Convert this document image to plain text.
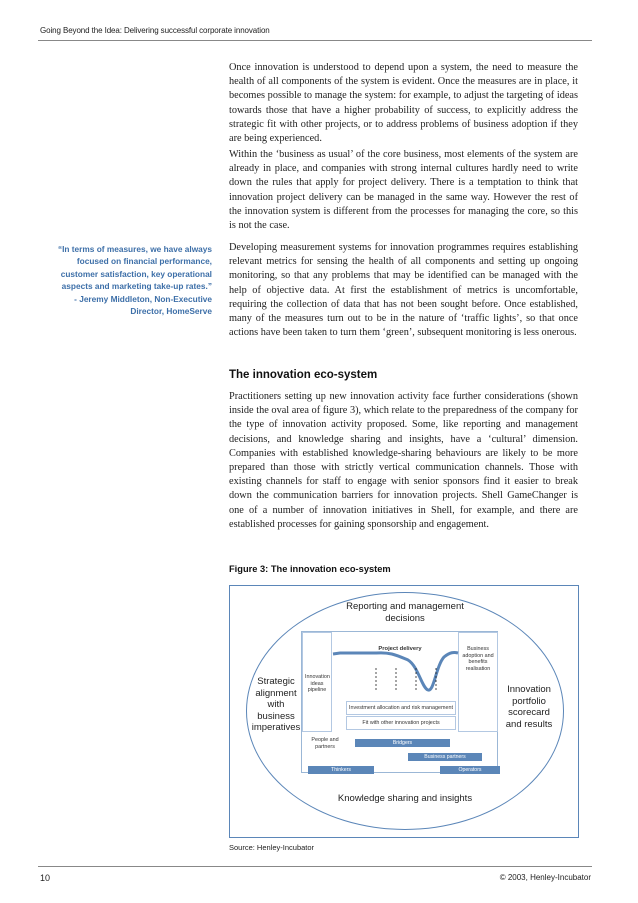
Going Beyond the Idea: Delivering successful corporate innovation
“In terms of measures, we have always focused on financial performance, customer satisfaction, key operational aspects and marketing take-up rates.”
- Jeremy Middleton, Non-Executive
Director, HomeServe

Once innovation is understood to depend upon a system, the need to measure the health of all components of the system is evident. Once the measures are in place, it becomes possible to manage the system: for example, to adjust the targeting of ideas towards those that have a higher probability of success, to explicitly address the strategic fit with other projects, or to address problems of business adoption if they are being experienced.

Within the ‘business as usual’ of the core business, most elements of the system are already in place, and companies with strong internal cultures hardly need to write down the rules that apply for project delivery. There is a temptation to think that innovation project delivery can be managed in the same way. However the rest of the innovation system is different from the processes for managing the core, so this is not the case.

Developing measurement systems for innovation programmes requires establishing relevant metrics for sensing the health of all components and setting up ongoing monitoring, so that any problems that may be identified can be managed with the help of objective data. At first the establishment of metrics is uncomfortable, requiring the collection of data that has not been sought before. Once established, many of the measures turn out to be in the nature of ‘traffic lights’, so that once actions have been taken to turn them ‘green’, subsequent monitoring is less onerous.

The innovation eco-system

Practitioners setting up new innovation activity face further considerations (shown inside the oval area of figure 3), which relate to the preparedness of the company for the type of innovation activity proposed. Some, like reporting and management decisions, and knowledge sharing and insights, have a ‘cultural’ dimension. Companies with established knowledge-sharing behaviours are likely to be more prepared than those with strictly vertical communication channels. Those with existing channels for staff to engage with senior sponsors find it easier to break down the communication barriers for innovation projects. Shell GameChanger is one of a number of innovation initiatives in Shell, for example, and there are established processes for gaining sponsorship and engagement.

Figure 3: The innovation eco-system

Reporting and management decisions
Innovation ideas pipeline
Business adoption and benefits realisation
Project delivery
Investment allocation and risk management
Fit with other innovation projects
People and partners
Bridgers
Business partners
Thinkers	Operators
Strategic alignment with business imperatives
Innovation portfolio scorecard and results
Knowledge sharing and insights
Source: Henley-Incubator
10	© 2003, Henley-Incubator
